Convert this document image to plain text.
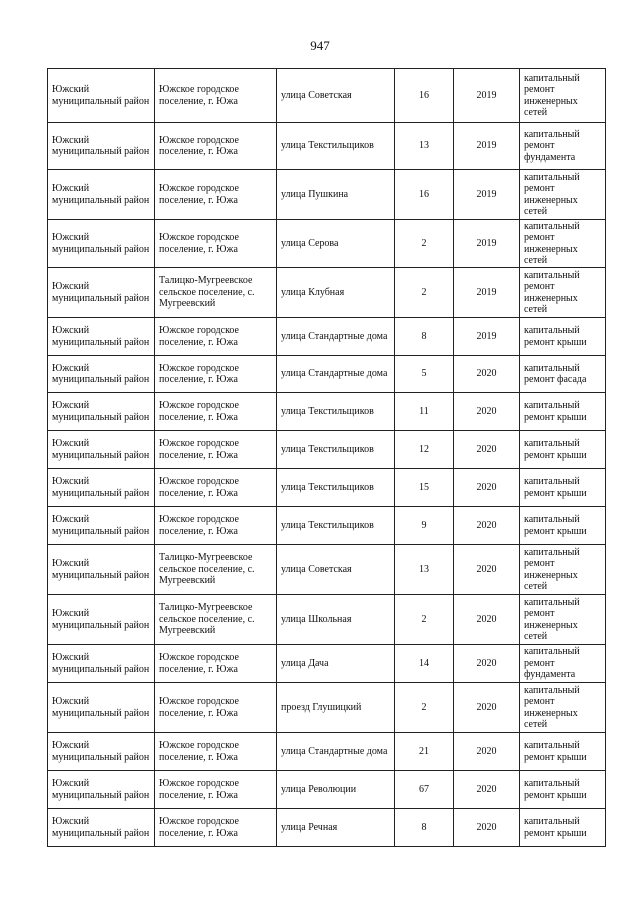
947
Южский муниципальный район	Южское городское поселение, г. Южа	улица Советская	16	2019	капитальный ремонт инженерных сетей
Южский муниципальный район	Южское городское поселение, г. Южа	улица Текстильщиков	13	2019	капитальный ремонт фундамента
Южский муниципальный район	Южское городское поселение, г. Южа	улица Пушкина	16	2019	капитальный ремонт инженерных сетей
Южский муниципальный район	Южское городское поселение, г. Южа	улица Серова	2	2019	капитальный ремонт инженерных сетей
Южский муниципальный район	Талицко-Мугреевское сельское поселение, с. Мугреевский	улица Клубная	2	2019	капитальный ремонт инженерных сетей
Южский муниципальный район	Южское городское поселение, г. Южа	улица Стандартные дома	8	2019	капитальный ремонт крыши
Южский муниципальный район	Южское городское поселение, г. Южа	улица Стандартные дома	5	2020	капитальный ремонт фасада
Южский муниципальный район	Южское городское поселение, г. Южа	улица Текстильщиков	11	2020	капитальный ремонт крыши
Южский муниципальный район	Южское городское поселение, г. Южа	улица Текстильщиков	12	2020	капитальный ремонт крыши
Южский муниципальный район	Южское городское поселение, г. Южа	улица Текстильщиков	15	2020	капитальный ремонт крыши
Южский муниципальный район	Южское городское поселение, г. Южа	улица Текстильщиков	9	2020	капитальный ремонт крыши
Южский муниципальный район	Талицко-Мугреевское сельское поселение, с. Мугреевский	улица Советская	13	2020	капитальный ремонт инженерных сетей
Южский муниципальный район	Талицко-Мугреевское сельское поселение, с. Мугреевский	улица Школьная	2	2020	капитальный ремонт инженерных сетей
Южский муниципальный район	Южское городское поселение, г. Южа	улица Дача	14	2020	капитальный ремонт фундамента
Южский муниципальный район	Южское городское поселение, г. Южа	проезд Глушицкий	2	2020	капитальный ремонт инженерных сетей
Южский муниципальный район	Южское городское поселение, г. Южа	улица Стандартные дома	21	2020	капитальный ремонт крыши
Южский муниципальный район	Южское городское поселение, г. Южа	улица Революции	67	2020	капитальный ремонт крыши
Южский муниципальный район	Южское городское поселение, г. Южа	улица Речная	8	2020	капитальный ремонт крыши
